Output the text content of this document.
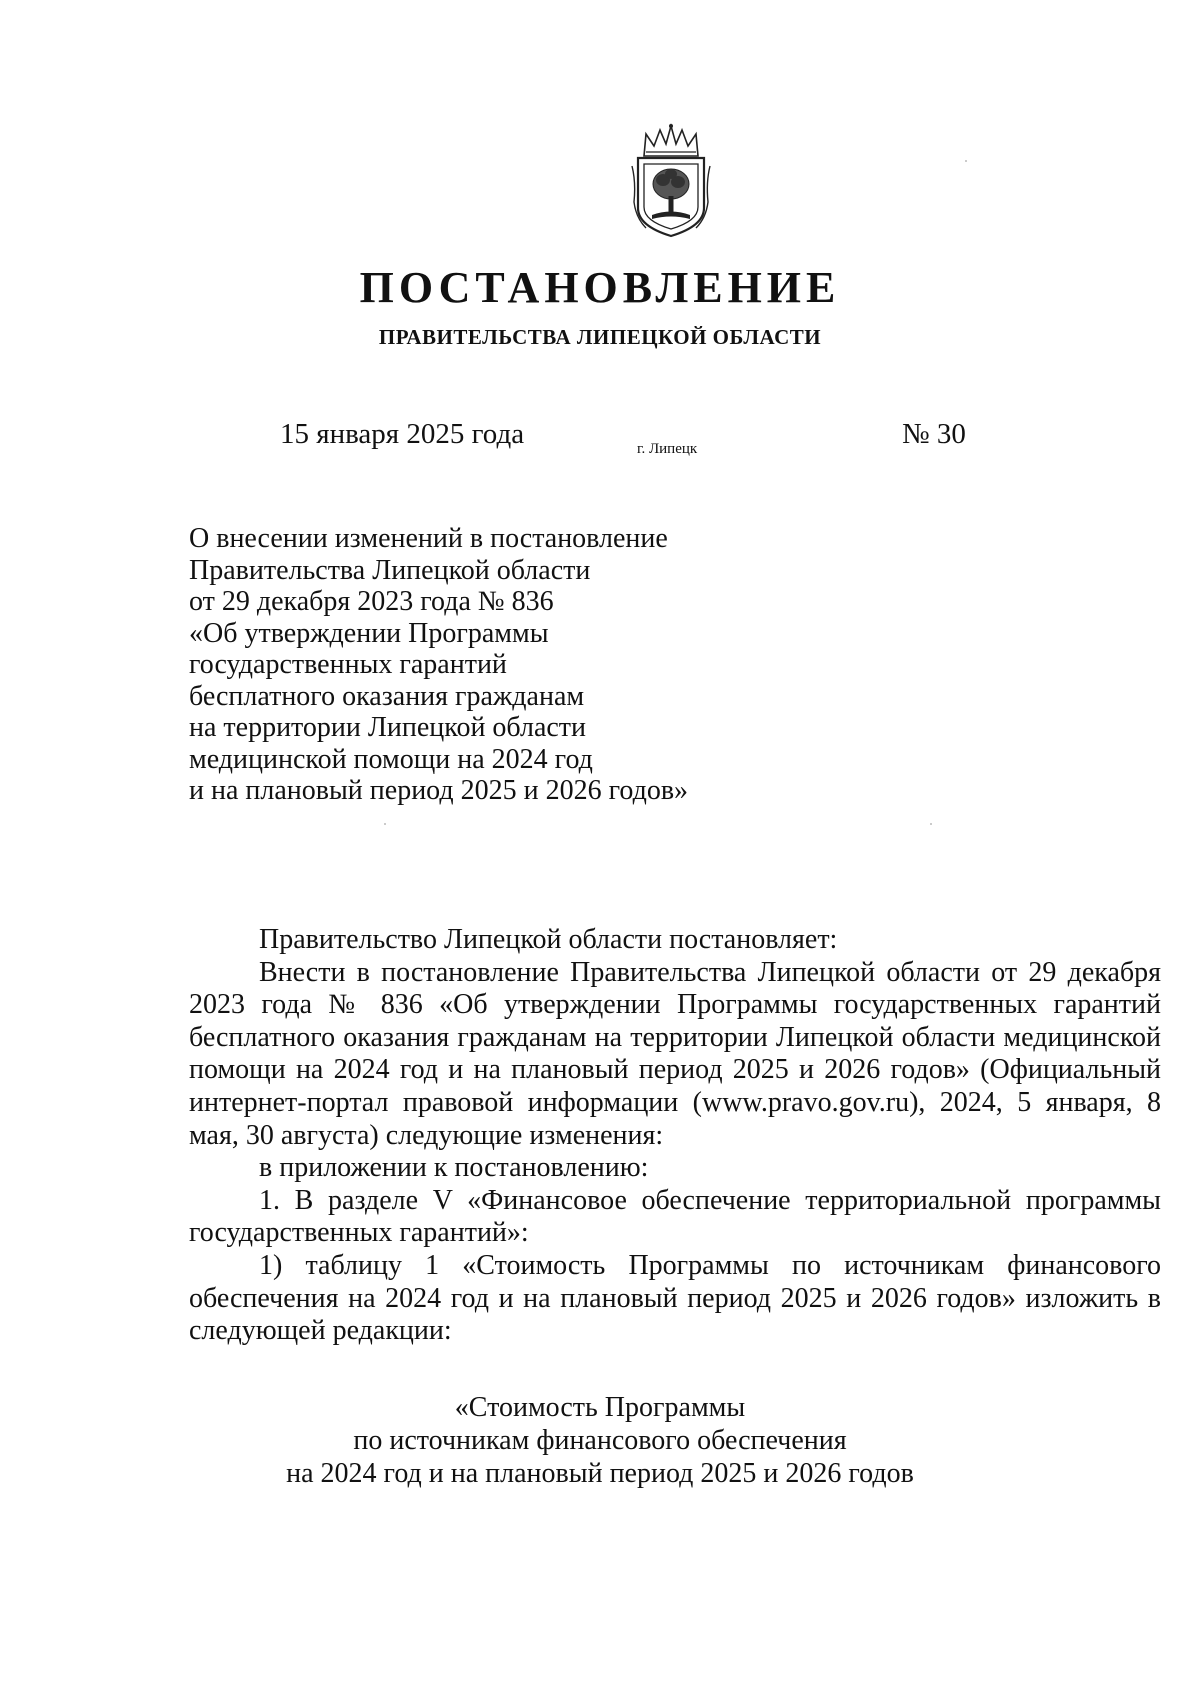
ПОСТАНОВЛЕНИЕ
ПРАВИТЕЛЬСТВА ЛИПЕЦКОЙ ОБЛАСТИ
15 января 2025 года	г. Липецк	№ 30
О внесении изменений в постановление
Правительства Липецкой области
от 29 декабря 2023 года № 836
«Об утверждении Программы
государственных гарантий
бесплатного оказания гражданам
на территории Липецкой области
медицинской помощи на 2024 год
и на плановый период 2025 и 2026 годов»

Правительство Липецкой области постановляет:

Внести в постановление Правительства Липецкой области от 29 декабря 2023 года № 836 «Об утверждении Программы государственных гарантий бесплатного оказания гражданам на территории Липецкой области медицинской помощи на 2024 год и на плановый период 2025 и 2026 годов» (Официальный интернет-портал правовой информации (www.pravo.gov.ru), 2024, 5 января, 8 мая, 30 августа) следующие изменения:

в приложении к постановлению:

1. В разделе V «Финансовое обеспечение территориальной программы государственных гарантий»:

1) таблицу 1 «Стоимость Программы по источникам финансового обеспечения на 2024 год и на плановый период 2025 и 2026 годов» изложить в следующей редакции:

«Стоимость Программы
по источникам финансового обеспечения
на 2024 год и на плановый период 2025 и 2026 годов
